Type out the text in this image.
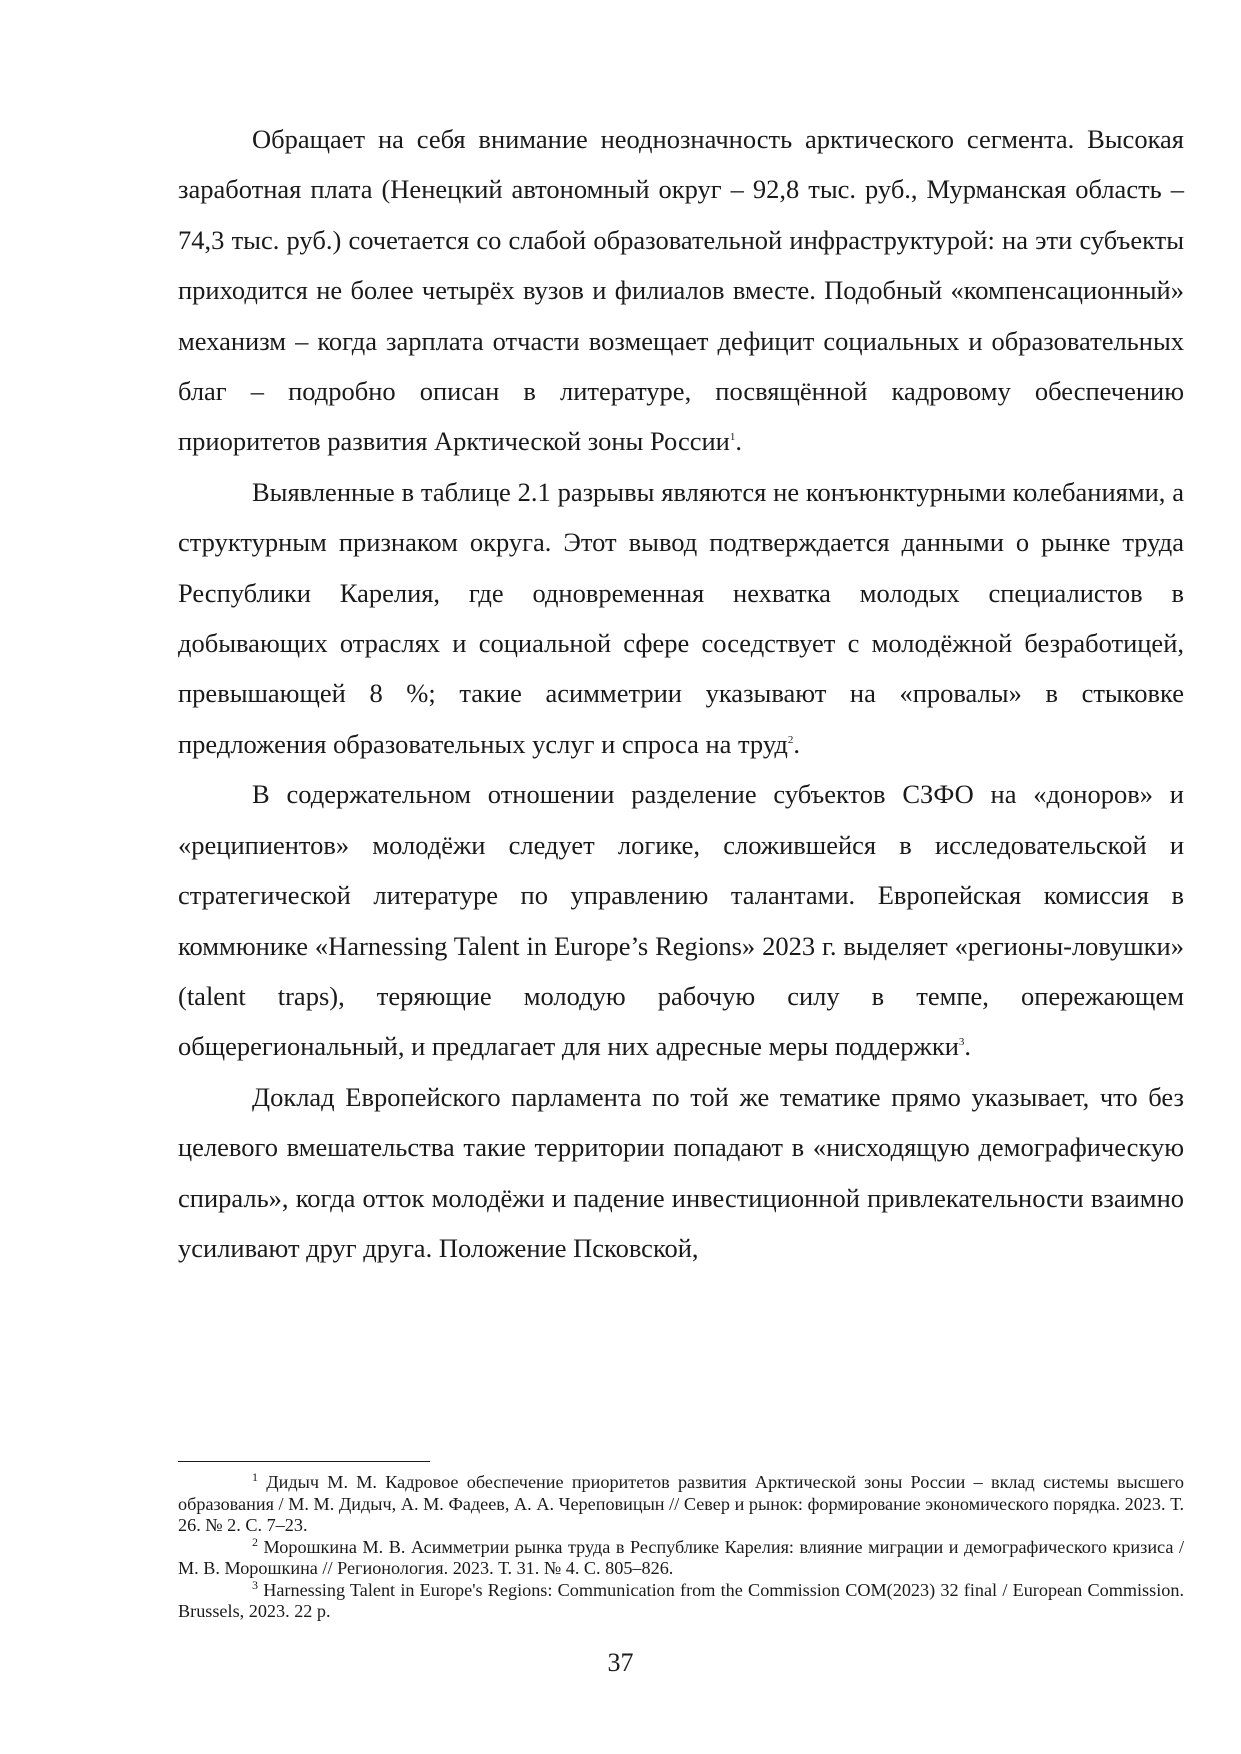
Обращает на себя внимание неоднозначность арктического сегмента. Высокая заработная плата (Ненецкий автономный округ – 92,8 тыс. руб., Мурманская область – 74,3 тыс. руб.) сочетается со слабой образовательной инфраструктурой: на эти субъекты приходится не более четырёх вузов и филиалов вместе. Подобный «компенсационный» механизм – когда зарплата отчасти возмещает дефицит социальных и образовательных благ – подробно описан в литературе, посвящённой кадровому обеспечению приоритетов развития Арктической зоны России$^1$.

Выявленные в таблице 2.1 разрывы являются не конъюнктурными колебаниями, а структурным признаком округа. Этот вывод подтверждается данными о рынке труда Республики Карелия, где одновременная нехватка молодых специалистов в добывающих отраслях и социальной сфере соседствует с молодёжной безработицей, превышающей 8 %; такие асимметрии указывают на «провалы» в стыковке предложения образовательных услуг и спроса на труд$^2$.

В содержательном отношении разделение субъектов СЗФО на «доноров» и «реципиентов» молодёжи следует логике, сложившейся в исследовательской и стратегической литературе по управлению талантами. Европейская комиссия в коммюнике «Harnessing Talent in Europe’s Regions» 2023 г. выделяет «регионы-ловушки» (talent traps), теряющие молодую рабочую силу в темпе, опережающем общерегиональный, и предлагает для них адресные меры поддержки$^3$.

Доклад Европейского парламента по той же тематике прямо указывает, что без целевого вмешательства такие территории попадают в «нисходящую демографическую спираль», когда отток молодёжи и падение инвестиционной привлекательности взаимно усиливают друг друга. Положение Псковской,

$^1$ Дидыч М. М. Кадровое обеспечение приоритетов развития Арктической зоны России – вклад системы высшего образования / М. М. Дидыч, А. М. Фадеев, А. А. Череповицын // Север и рынок: формирование экономического порядка. 2023. Т. 26. № 2. С. 7–23.

$^2$ Морошкина М. В. Асимметрии рынка труда в Республике Карелия: влияние миграции и демографического кризиса / М. В. Морошкина // Регионология. 2023. Т. 31. № 4. С. 805–826.

$^3$ Harnessing Talent in Europe's Regions: Communication from the Commission COM(2023) 32 final / European Commission. Brussels, 2023. 22 p.

37
